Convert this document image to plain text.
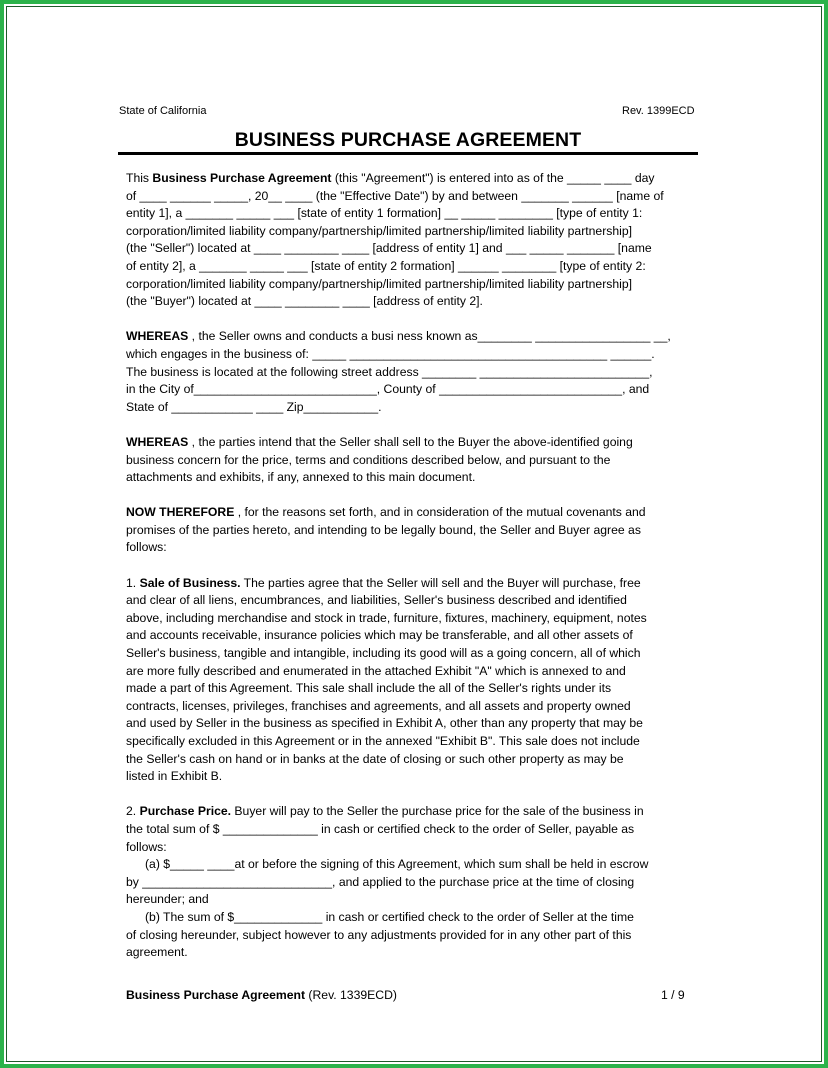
State of California	Rev. 1399ECD
BUSINESS PURCHASE AGREEMENT

This Business Purchase Agreement (this "Agreement") is entered into as of the _____ ____ day
of ____ ______ _____, 20__ ____ (the "Effective Date") by and between _______ ______ [name of
entity 1], a _______ _____ ___ [state of entity 1 formation] __ _____ ________ [type of entity 1:
corporation/limited liability company/partnership/limited partnership/limited liability partnership]
(the "Seller") located at ____ ________ ____ [address of entity 1] and ___ _____ _______ [name
of entity 2], a _______ _____ ___ [state of entity 2 formation] ______ ________ [type of entity 2:
corporation/limited liability company/partnership/limited partnership/limited liability partnership]
(the "Buyer") located at ____ ________ ____ [address of entity 2].

WHEREAS , the Seller owns and conducts a busi ness known as________ _________________ __,
which engages in the business of: _____ ______________________________________ ______.
The business is located at the following street address ________ _________________________,
in the City of___________________________, County of ___________________________, and
State of ____________ ____ Zip___________.

WHEREAS , the parties intend that the Seller shall sell to the Buyer the above-identified going
business concern for the price, terms and conditions described below, and pursuant to the
attachments and exhibits, if any, annexed to this main document.

NOW THEREFORE , for the reasons set forth, and in consideration of the mutual covenants and
promises of the parties hereto, and intending to be legally bound, the Seller and Buyer agree as
follows:

1. Sale of Business. The parties agree that the Seller will sell and the Buyer will purchase, free
and clear of all liens, encumbrances, and liabilities, Seller's business described and identified
above, including merchandise and stock in trade, furniture, fixtures, machinery, equipment, notes
and accounts receivable, insurance policies which may be transferable, and all other assets of
Seller's business, tangible and intangible, including its good will as a going concern, all of which
are more fully described and enumerated in the attached Exhibit "A" which is annexed to and
made a part of this Agreement. This sale shall include the all of the Seller's rights under its
contracts, licenses, privileges, franchises and agreements, and all assets and property owned
and used by Seller in the business as specified in Exhibit A, other than any property that may be
specifically excluded in this Agreement or in the annexed "Exhibit B". This sale does not include
the Seller's cash on hand or in banks at the date of closing or such other property as may be
listed in Exhibit B.

2. Purchase Price. Buyer will pay to the Seller the purchase price for the sale of the business in
the total sum of $ ______________ in cash or certified check to the order of Seller, payable as
follows:
(a) $_____ ____at or before the signing of this Agreement, which sum shall be held in escrow
by ____________________________, and applied to the purchase price at the time of closing
hereunder; and
(b) The sum of $_____________ in cash or certified check to the order of Seller at the time
of closing hereunder, subject however to any adjustments provided for in any other part of this
agreement.

Business Purchase Agreement (Rev. 1339ECD)	1 / 9
